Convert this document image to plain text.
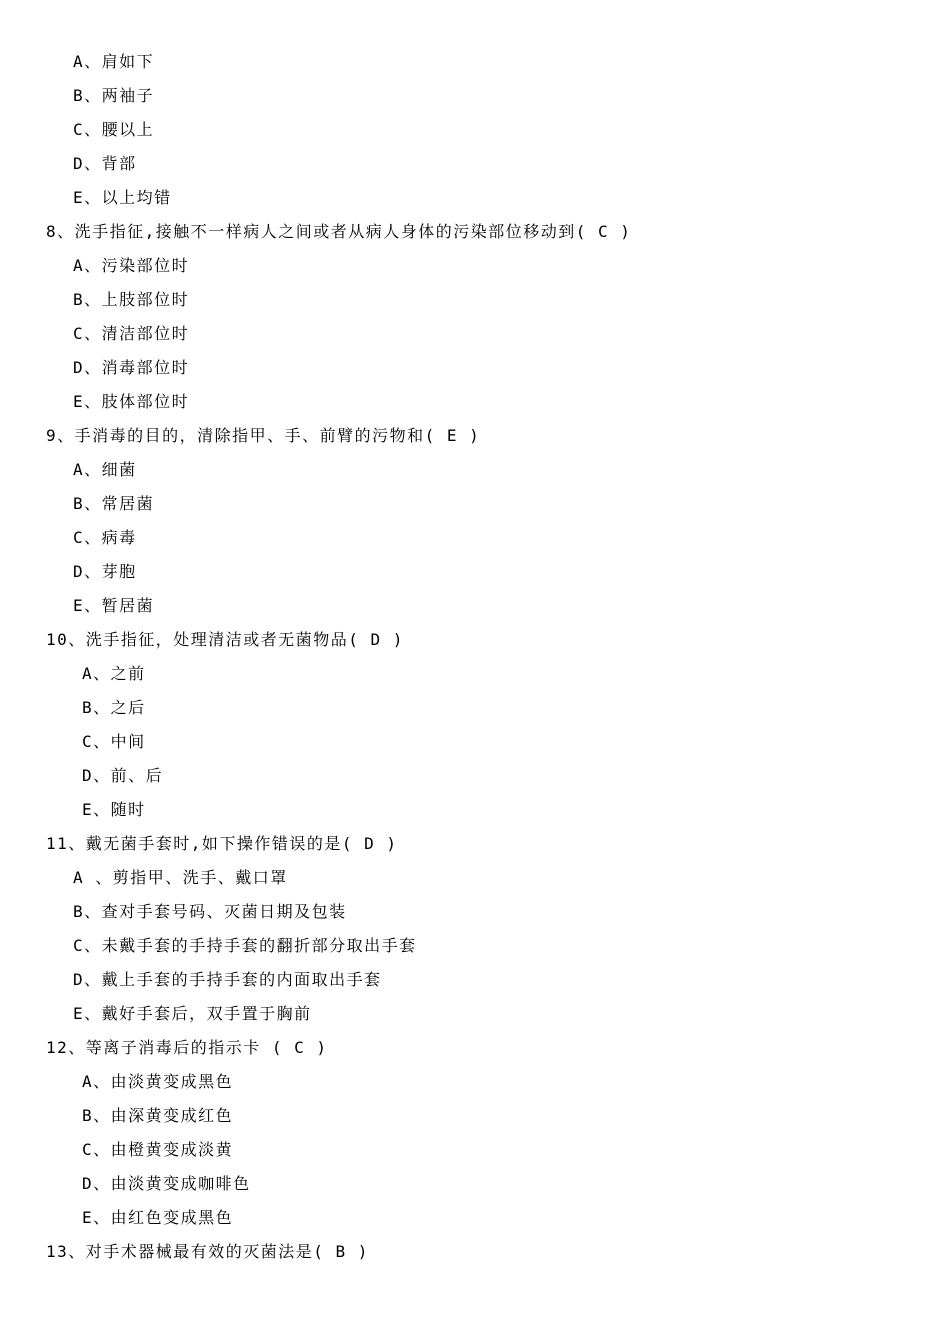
A、肩如下
B、两袖子
C、腰以上
D、背部
E、以上均错
8、洗手指征,接触不一样病人之间或者从病人身体的污染部位移动到( C )
A、污染部位时
B、上肢部位时
C、清洁部位时
D、消毒部位时
E、肢体部位时
9、手消毒的目的，清除指甲、手、前臂的污物和( E )
A、细菌
B、常居菌
C、病毒
D、芽胞
E、暂居菌
10、洗手指征，处理清洁或者无菌物品( D )
A、之前
B、之后
C、中间
D、前、后
E、随时
11、戴无菌手套时,如下操作错误的是( D )
A 、剪指甲、洗手、戴口罩
B、查对手套号码、灭菌日期及包装
C、未戴手套的手持手套的翻折部分取出手套
D、戴上手套的手持手套的内面取出手套
E、戴好手套后，双手置于胸前
12、等离子消毒后的指示卡 ( C )
A、由淡黄变成黑色
B、由深黄变成红色
C、由橙黄变成淡黄
D、由淡黄变成咖啡色
E、由红色变成黑色
13、对手术器械最有效的灭菌法是( B )
